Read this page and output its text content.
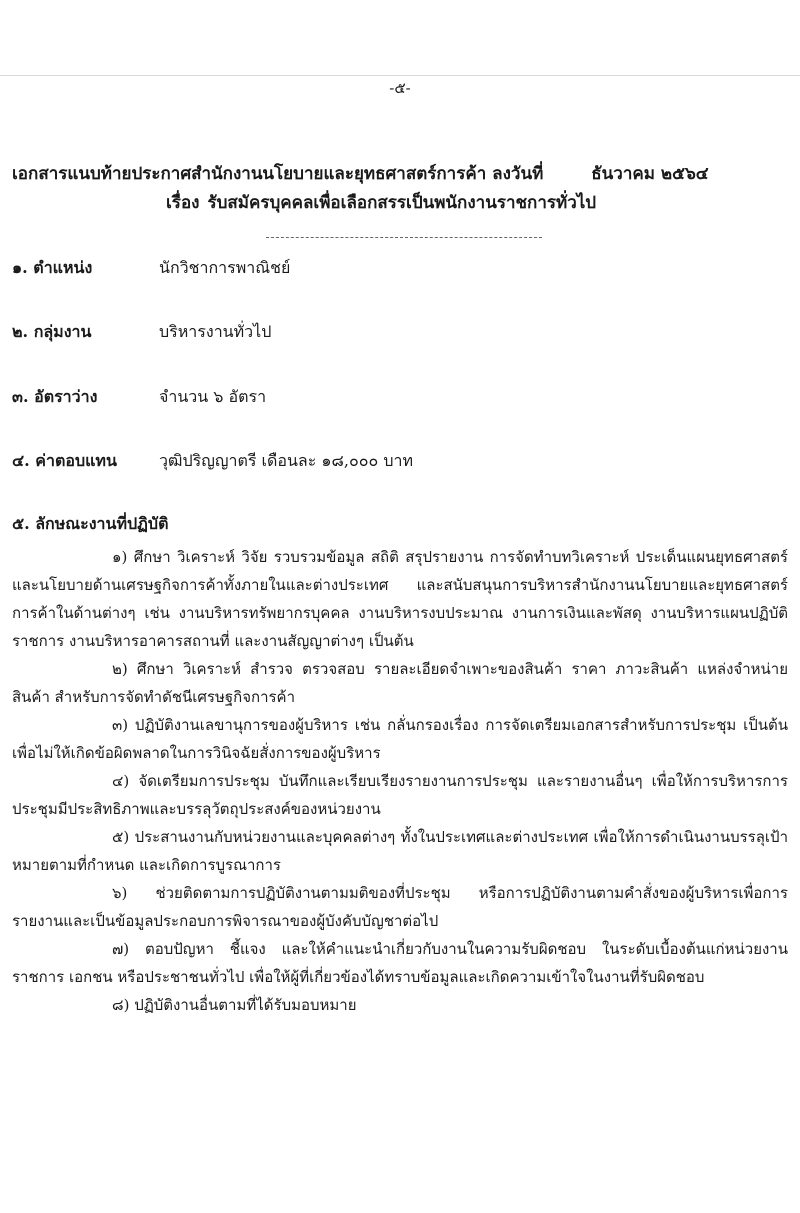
-๕-
เอกสารแนบท้ายประกาศสำนักงานนโยบายและยุทธศาสตร์การค้า ลงวันที่	ธันวาคม ๒๕๖๔
เรื่อง รับสมัครบุคคลเพื่อเลือกสรรเป็นพนักงานราชการทั่วไป
๑. ตำแหน่ง	นักวิชาการพาณิชย์
๒. กลุ่มงาน	บริหารงานทั่วไป
๓. อัตราว่าง	จำนวน ๖ อัตรา
๔. ค่าตอบแทน	วุฒิปริญญาตรี เดือนละ ๑๘,๐๐๐ บาท
๕. ลักษณะงานที่ปฏิบัติ

๑) ศึกษา วิเคราะห์ วิจัย รวบรวมข้อมูล สถิติ สรุปรายงาน การจัดทำบทวิเคราะห์ ประเด็นแผนยุทธศาสตร์ และนโยบายด้านเศรษฐกิจการค้าทั้งภายในและต่างประเทศ และสนับสนุนการบริหารสำนักงานนโยบายและยุทธศาสตร์การค้าในด้านต่างๆ เช่น งานบริหารทรัพยากรบุคคล งานบริหารงบประมาณ งานการเงินและพัสดุ งานบริหารแผนปฏิบัติราชการ งานบริหารอาคารสถานที่ และงานสัญญาต่างๆ เป็นต้น

๒) ศึกษา วิเคราะห์ สำรวจ ตรวจสอบ รายละเอียดจำเพาะของสินค้า ราคา ภาวะสินค้า แหล่งจำหน่ายสินค้า สำหรับการจัดทำดัชนีเศรษฐกิจการค้า

๓) ปฏิบัติงานเลขานุการของผู้บริหาร เช่น กลั่นกรองเรื่อง การจัดเตรียมเอกสารสำหรับการประชุม เป็นต้น เพื่อไม่ให้เกิดข้อผิดพลาดในการวินิจฉัยสั่งการของผู้บริหาร

๔) จัดเตรียมการประชุม บันทึกและเรียบเรียงรายงานการประชุม และรายงานอื่นๆ เพื่อให้การบริหารการประชุมมีประสิทธิภาพและบรรลุวัตถุประสงค์ของหน่วยงาน

๕) ประสานงานกับหน่วยงานและบุคคลต่างๆ ทั้งในประเทศและต่างประเทศ เพื่อให้การดำเนินงานบรรลุเป้าหมายตามที่กำหนด และเกิดการบูรณาการ

๖) ช่วยติดตามการปฏิบัติงานตามมติของที่ประชุม หรือการปฏิบัติงานตามคำสั่งของผู้บริหารเพื่อการรายงานและเป็นข้อมูลประกอบการพิจารณาของผู้บังคับบัญชาต่อไป

๗) ตอบปัญหา ชี้แจง และให้คำแนะนำเกี่ยวกับงานในความรับผิดชอบ ในระดับเบื้องต้นแก่หน่วยงานราชการ เอกชน หรือประชาชนทั่วไป เพื่อให้ผู้ที่เกี่ยวข้องได้ทราบข้อมูลและเกิดความเข้าใจในงานที่รับผิดชอบ

๘) ปฏิบัติงานอื่นตามที่ได้รับมอบหมาย
